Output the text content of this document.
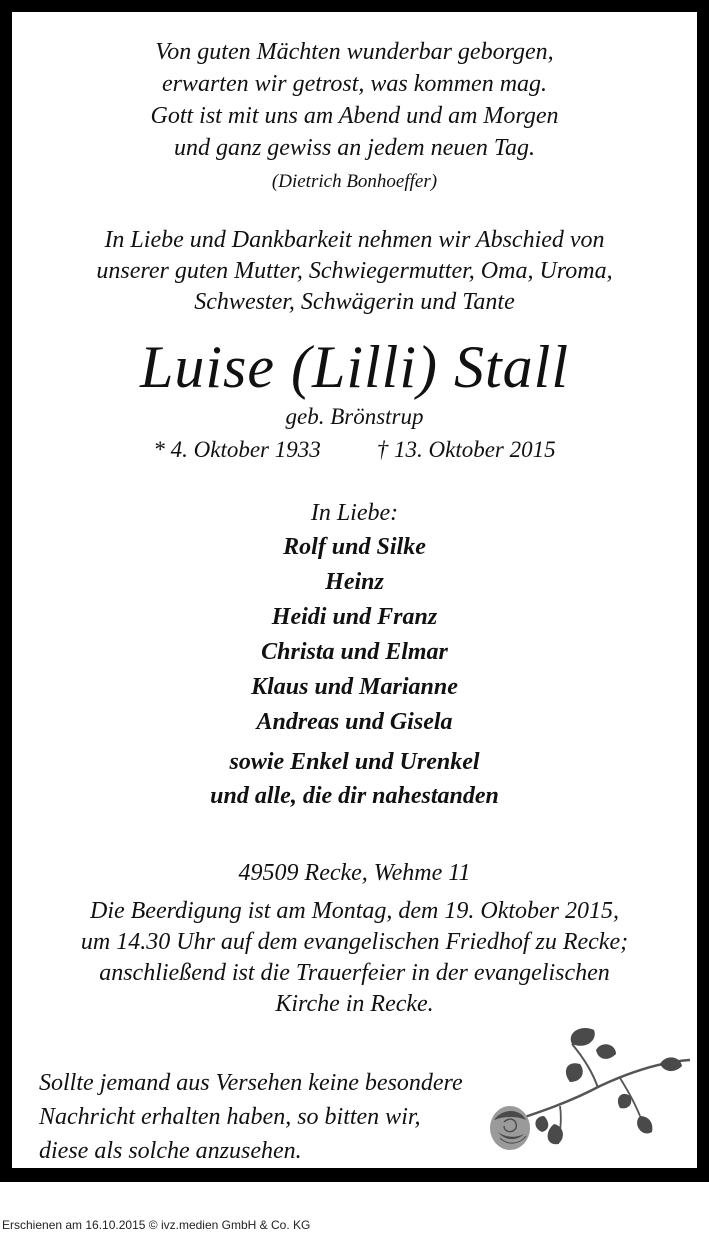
Von guten Mächten wunderbar geborgen,
erwarten wir getrost, was kommen mag.
Gott ist mit uns am Abend und am Morgen
und ganz gewiss an jedem neuen Tag.
(Dietrich Bonhoeffer)
In Liebe und Dankbarkeit nehmen wir Abschied von
unserer guten Mutter, Schwiegermutter, Oma, Uroma,
Schwester, Schwägerin und Tante
Luise (Lilli) Stall
geb. Brönstrup
* 4. Oktober 1933 † 13. Oktober 2015
In Liebe:
Rolf und Silke
Heinz
Heidi und Franz
Christa und Elmar
Klaus und Marianne
Andreas und Gisela
sowie Enkel und Urenkel
und alle, die dir nahestanden
49509 Recke, Wehme 11
Die Beerdigung ist am Montag, dem 19. Oktober 2015,
um 14.30 Uhr auf dem evangelischen Friedhof zu Recke;
anschließend ist die Trauerfeier in der evangelischen
Kirche in Recke.
Sollte jemand aus Versehen keine besondere
Nachricht erhalten haben, so bitten wir,
diese als solche anzusehen.
Erschienen am 16.10.2015 © ivz.medien GmbH & Co. KG
